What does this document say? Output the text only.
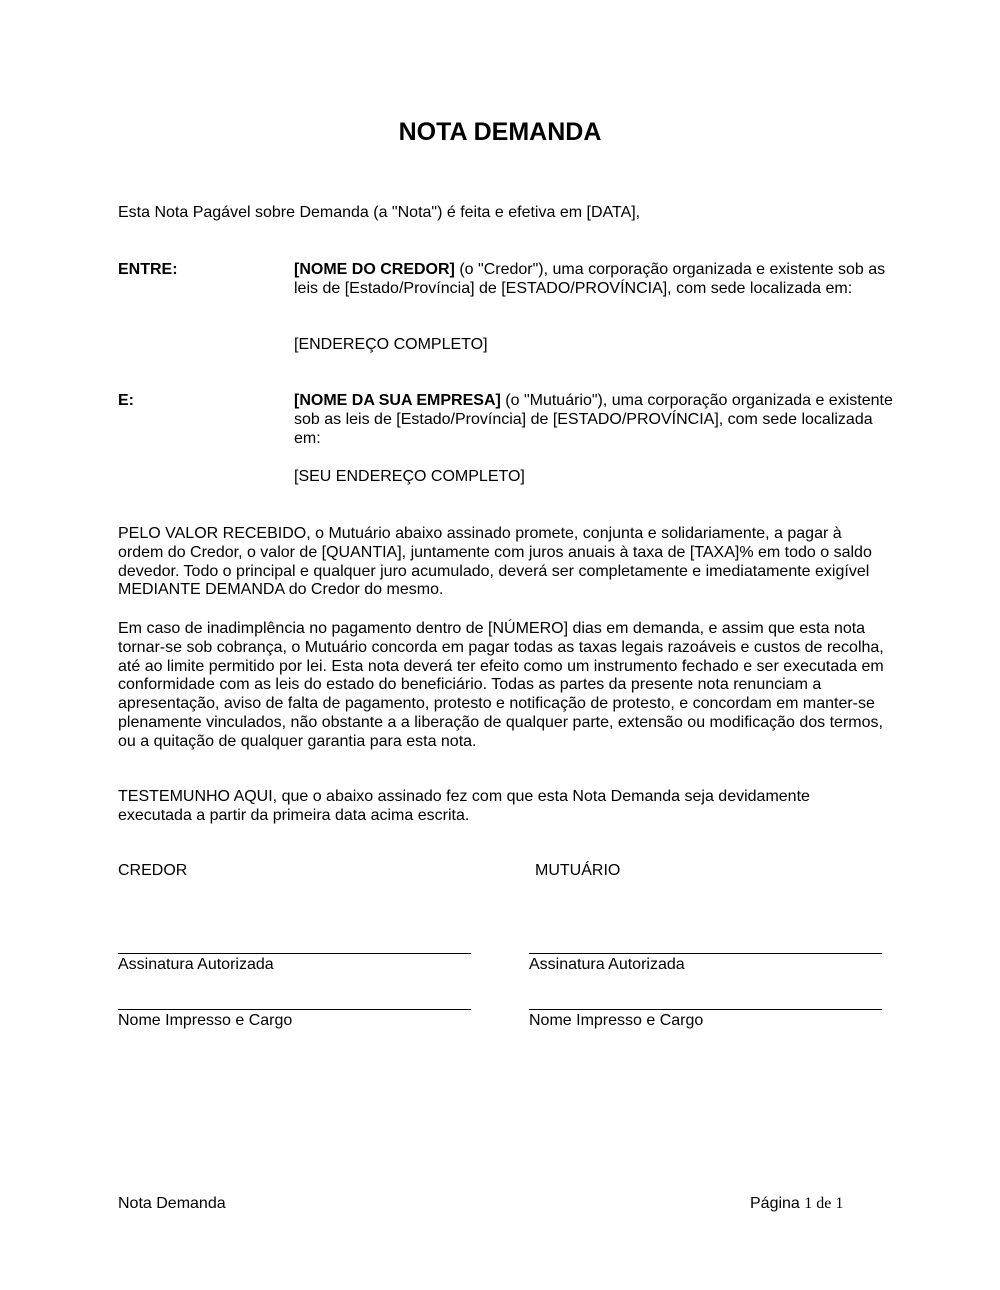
NOTA DEMANDA
Esta Nota Pagável sobre Demanda (a "Nota") é feita e efetiva em [DATA],
ENTRE:	[NOME DO CREDOR] (o "Credor"), uma corporação organizada e existente sob as leis de [Estado/Província] de [ESTADO/PROVÍNCIA], com sede localizada em:
[ENDEREÇO COMPLETO]
E:	[NOME DA SUA EMPRESA] (o "Mutuário"), uma corporação organizada e existente sob as leis de [Estado/Província] de [ESTADO/PROVÍNCIA], com sede localizada em:
[SEU ENDEREÇO COMPLETO]
PELO VALOR RECEBIDO, o Mutuário abaixo assinado promete, conjunta e solidariamente, a pagar à ordem do Credor, o valor de [QUANTIA], juntamente com juros anuais à taxa de [TAXA]% em todo o saldo devedor. Todo o principal e qualquer juro acumulado, deverá ser completamente e imediatamente exigível MEDIANTE DEMANDA do Credor do mesmo.
Em caso de inadimplência no pagamento dentro de [NÚMERO] dias em demanda, e assim que esta nota tornar-se sob cobrança, o Mutuário concorda em pagar todas as taxas legais razoáveis e custos de recolha, até ao limite permitido por lei. Esta nota deverá ter efeito como um instrumento fechado e ser executada em conformidade com as leis do estado do beneficiário. Todas as partes da presente nota renunciam a apresentação, aviso de falta de pagamento, protesto e notificação de protesto, e concordam em manter-se plenamente vinculados, não obstante a a liberação de qualquer parte, extensão ou modificação dos termos, ou a quitação de qualquer garantia para esta nota.
TESTEMUNHO AQUI, que o abaixo assinado fez com que esta Nota Demanda seja devidamente executada a partir da primeira data acima escrita.
CREDOR	MUTUÁRIO
Assinatura Autorizada	Assinatura Autorizada
Nome Impresso e Cargo	Nome Impresso e Cargo
Nota Demanda	Página 1 de 1
